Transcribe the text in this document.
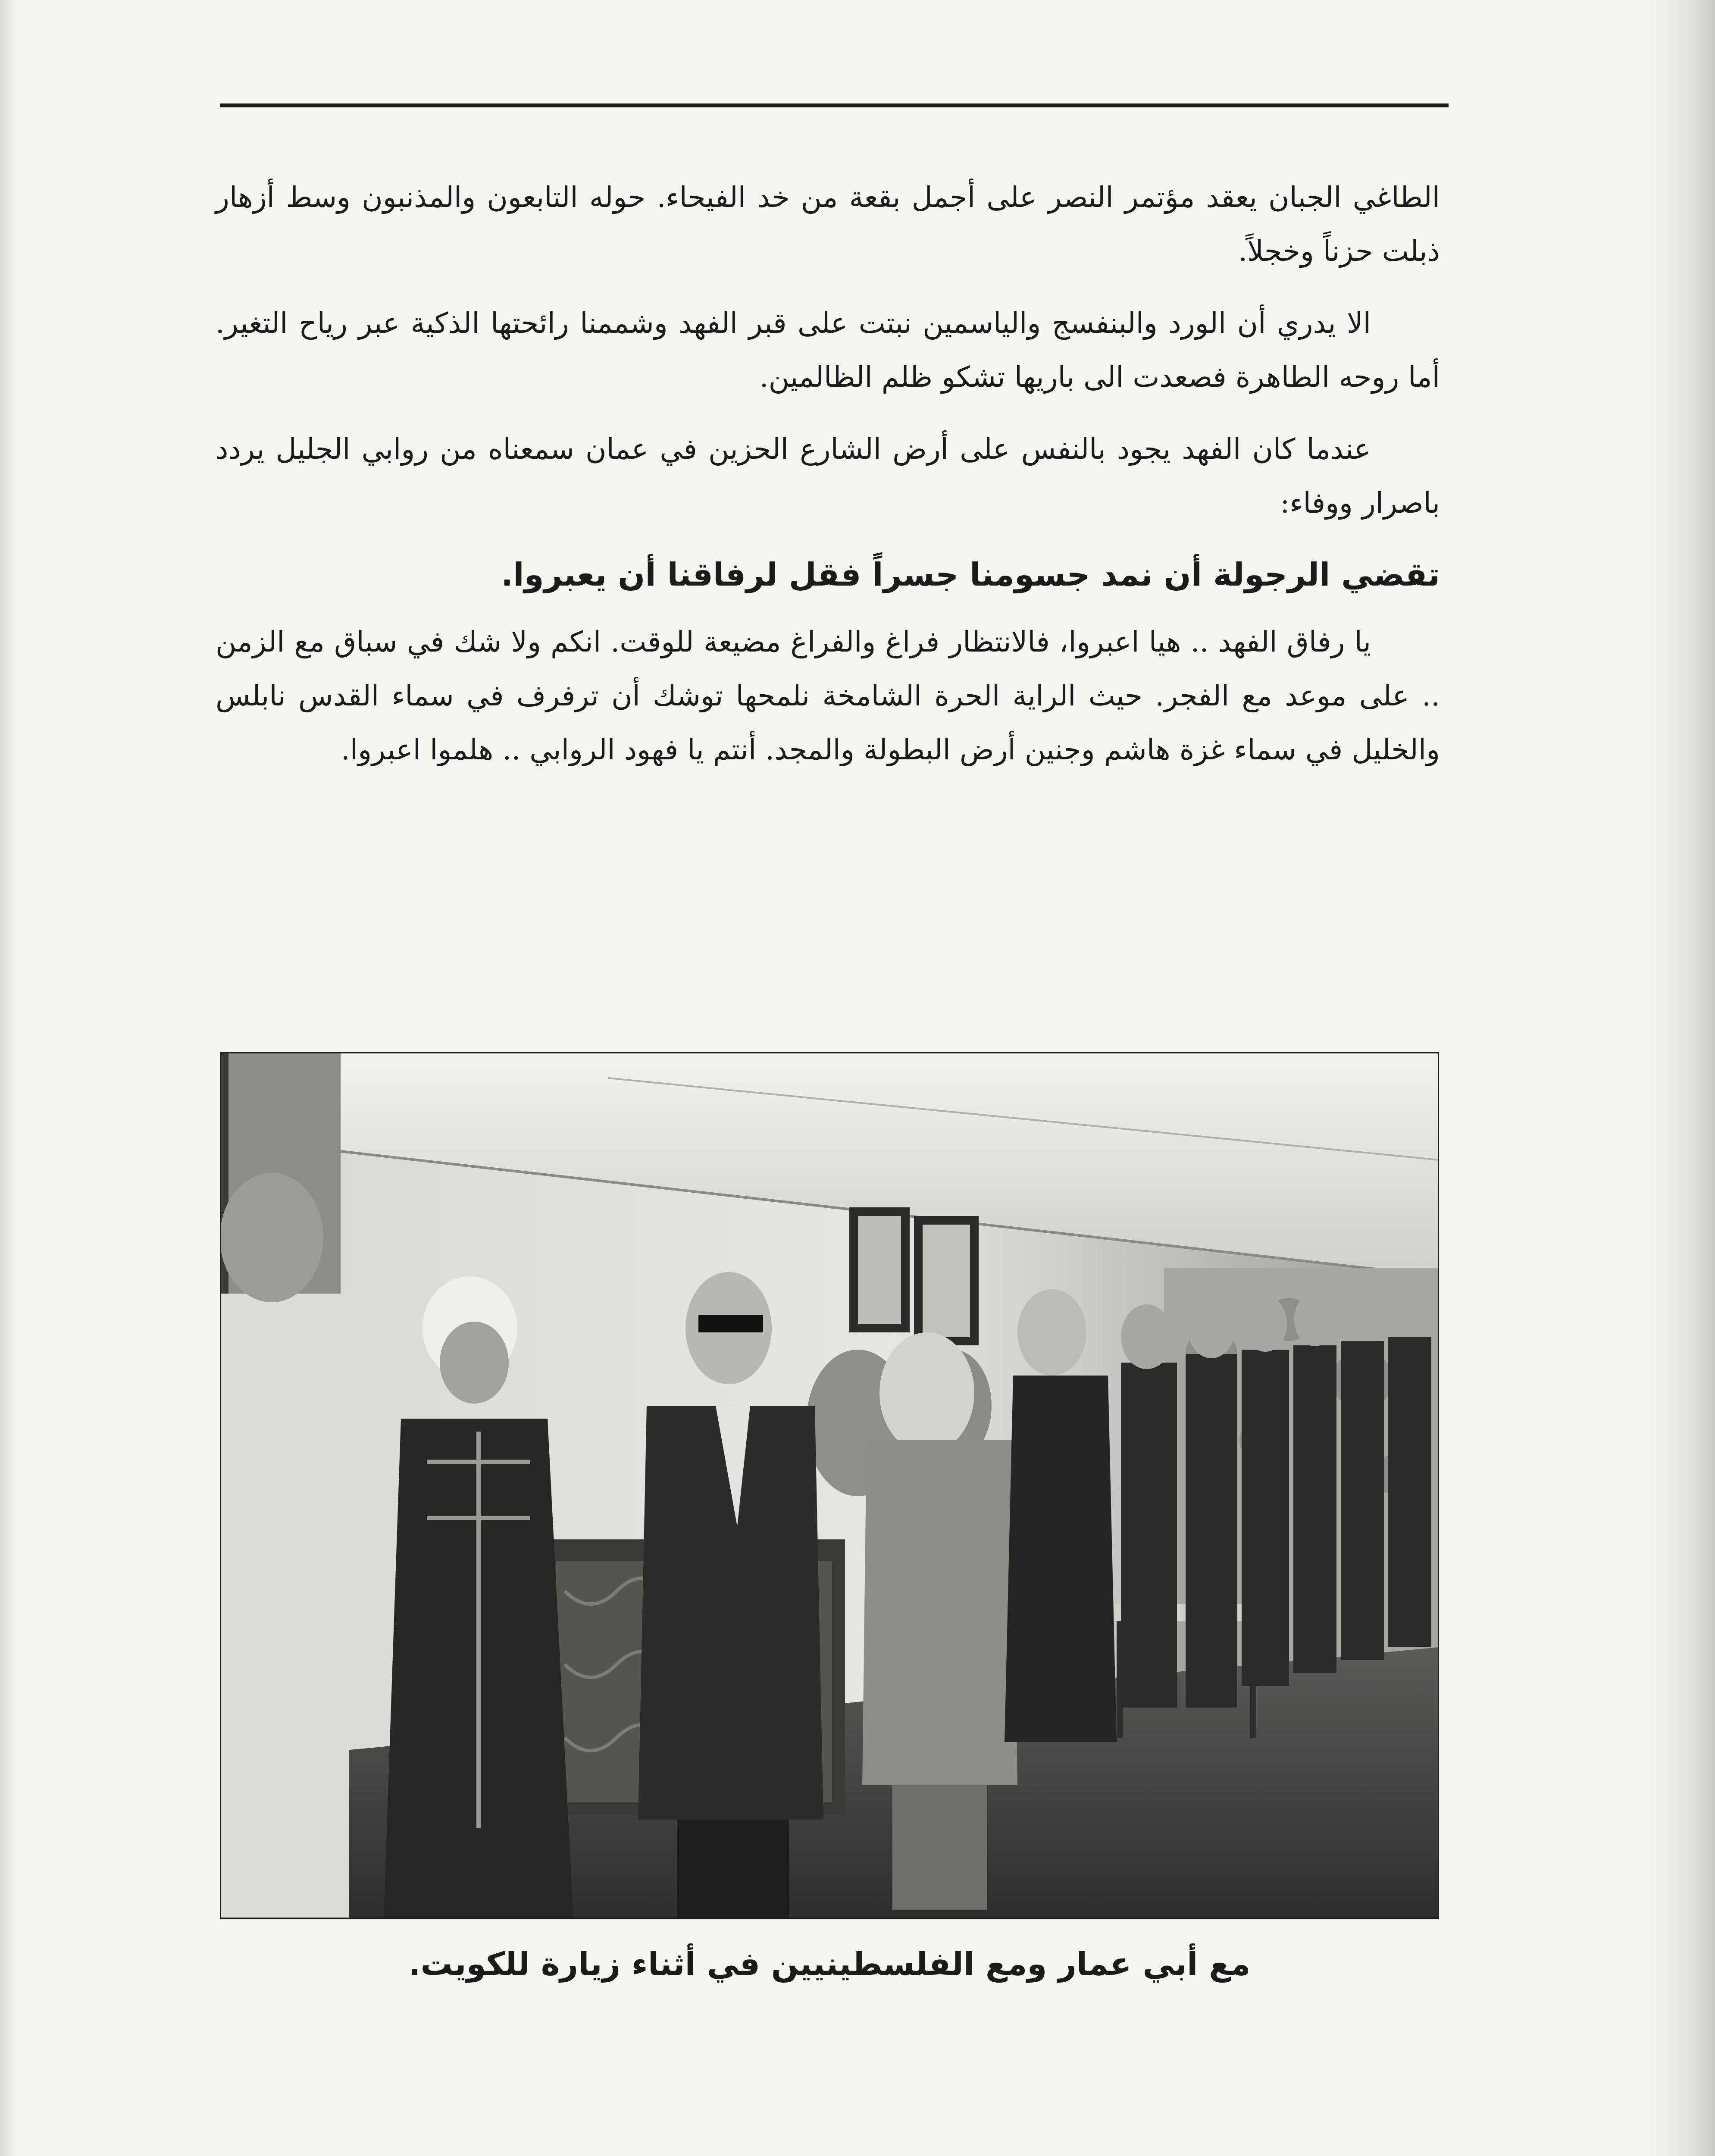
الطاغي الجبان يعقد مؤتمر النصر على أجمل بقعة من خد الفيحاء. حوله التابعون والمذنبون وسط أزهار ذبلت حزناً وخجلاً.

الا يدري أن الورد والبنفسج والياسمين نبتت على قبر الفهد وشممنا رائحتها الذكية عبر رياح التغير. أما روحه الطاهرة فصعدت الى باريها تشكو ظلم الظالمين.

عندما كان الفهد يجود بالنفس على أرض الشارع الحزين في عمان سمعناه من روابي الجليل يردد باصرار ووفاء:

تقضي الرجولة أن نمد جسومنا جسراً فقل لرفاقنا أن يعبروا.

يا رفاق الفهد .. هيا اعبروا، فالانتظار فراغ والفراغ مضيعة للوقت. انكم ولا شك في سباق مع الزمن .. على موعد مع الفجر. حيث الراية الحرة الشامخة نلمحها توشك أن ترفرف في سماء القدس نابلس والخليل في سماء غزة هاشم وجنين أرض البطولة والمجد. أنتم يا فهود الروابي .. هلموا اعبروا.

مع أبي عمار ومع الفلسطينيين في أثناء زيارة للكويت.
